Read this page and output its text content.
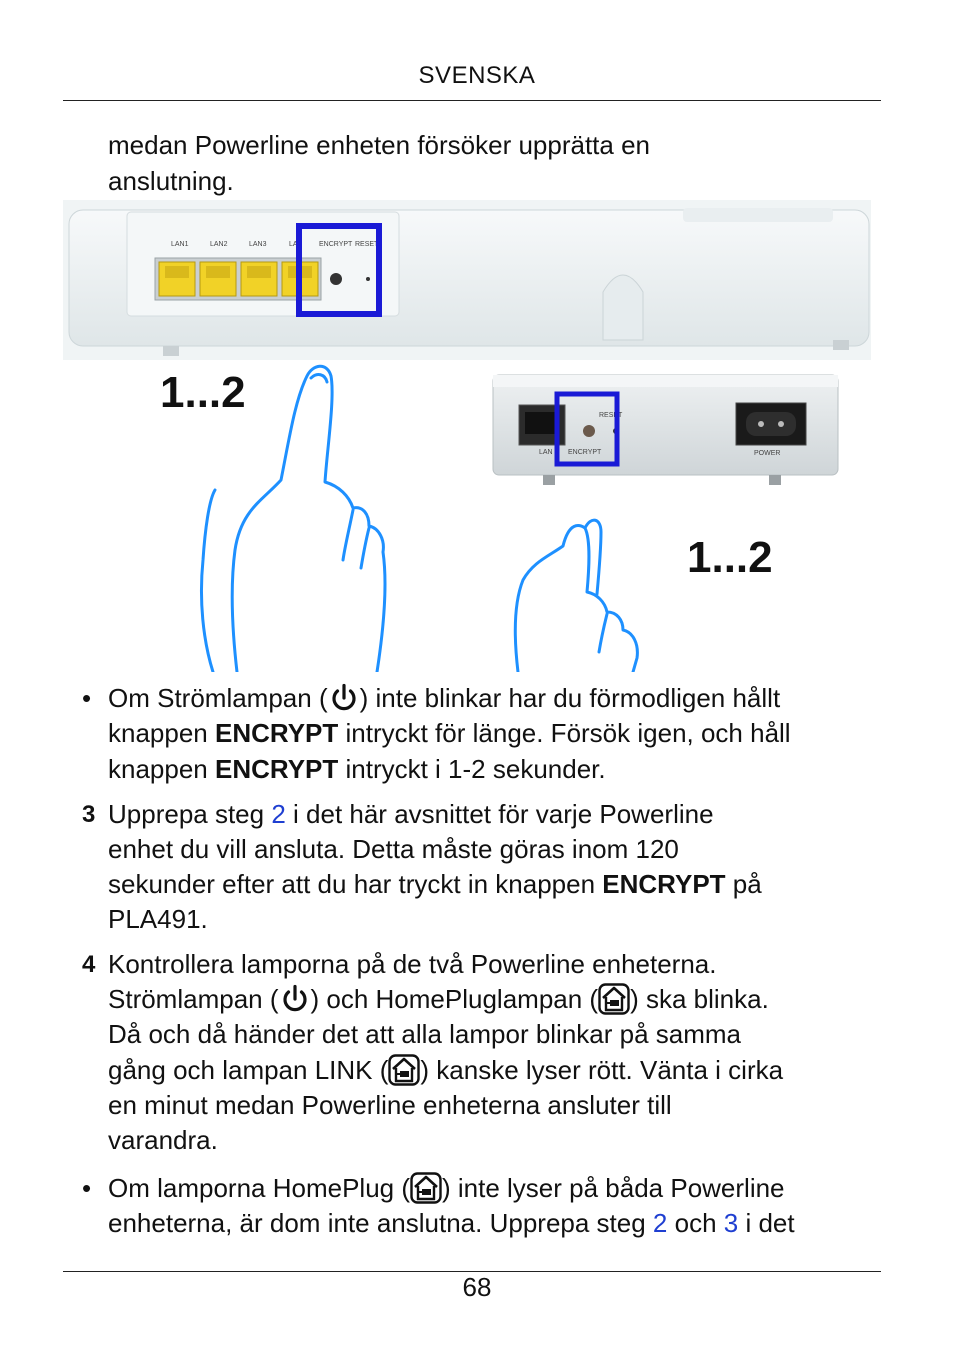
SVENSKA
medan Powerline enheten försöker upprätta en
anslutning.
LAN1	LAN2	LAN3	LA	ENCRYPT RESET
LAN ENCRYPT
RESET
POWER
1...2
1...2
• Om Strömlampan ( ) inte blinkar har du förmodligen hållt
knappen ENCRYPT intryckt för länge. Försök igen, och håll
knappen ENCRYPT intryckt i 1-2 sekunder.
3 Upprepa steg 2 i det här avsnittet för varje Powerline
enhet du vill ansluta. Detta måste göras inom 120
sekunder efter att du har tryckt in knappen ENCRYPT på
PLA491.
4 Kontrollera lamporna på de två Powerline enheterna.
Strömlampan ( ) och HomePluglampan ( ) ska blinka.
Då och då händer det att alla lampor blinkar på samma
gång och lampan LINK ( ) kanske lyser rött. Vänta i cirka
en minut medan Powerline enheterna ansluter till
varandra.
• Om lamporna HomePlug ( ) inte lyser på båda Powerline
enheterna, är dom inte anslutna. Upprepa steg 2 och 3 i det
68
